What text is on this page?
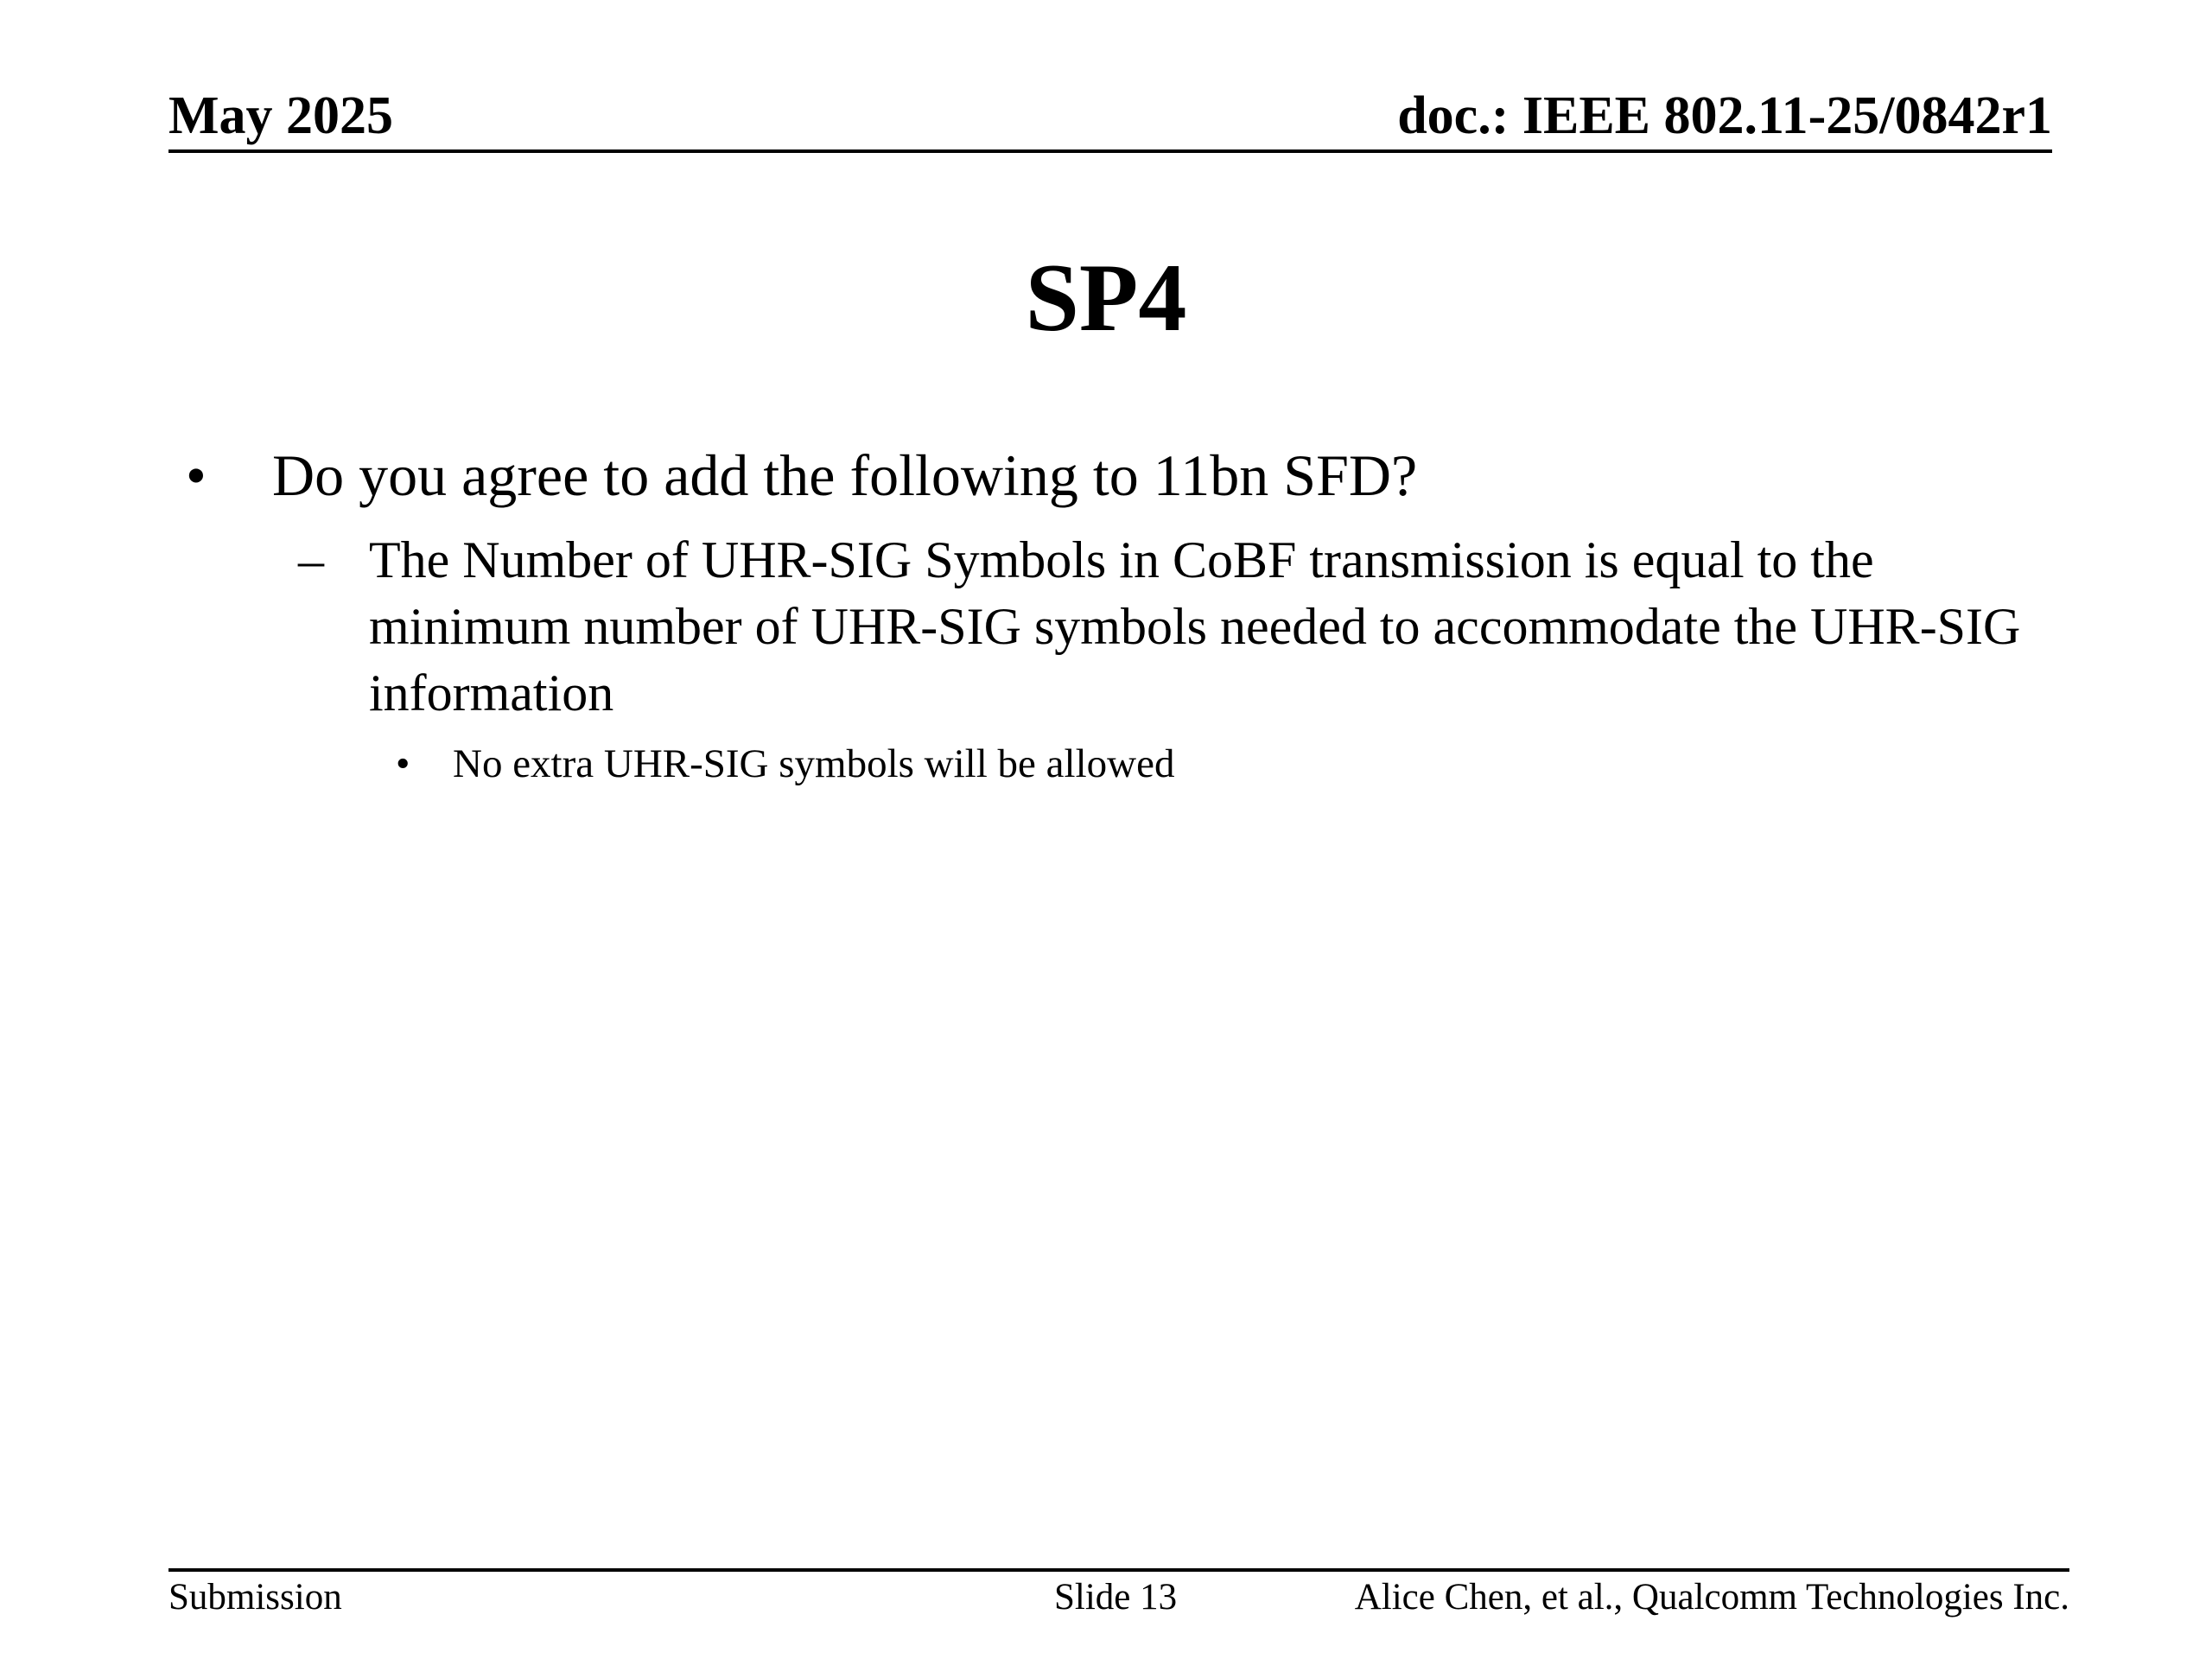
May 2025	doc.: IEEE 802.11-25/0842r1
SP4
• Do you agree to add the following to 11bn SFD?
– The Number of UHR-SIG Symbols in CoBF transmission is equal to the minimum number of UHR-SIG symbols needed to accommodate the UHR-SIG information
• No extra UHR-SIG symbols will be allowed
Submission	Slide 13	Alice Chen, et al., Qualcomm Technologies Inc.
